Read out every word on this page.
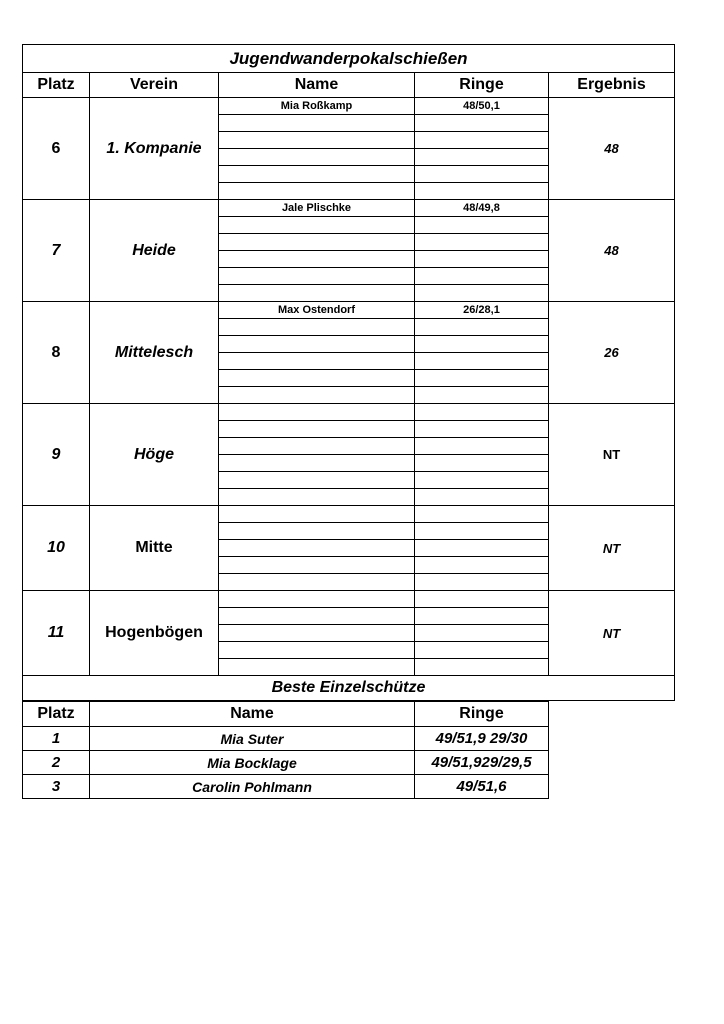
Jugendwanderpokalschießen				
Platz	Verein	Name	Ringe	Ergebnis
6	1. Kompanie	Mia Roßkamp	48/50,1	48

7	Heide	Jale Plischke	48/49,8	48

8	Mittelesch	Max Ostendorf	26/28,1	26

9	Höge			NT

10	Mitte			NT

11	Hogenbögen			NT

Beste Einzelschütze				
Platz	Name	Ringe
1	Mia Suter	49/51,9 29/30
2	Mia Bocklage	49/51,929/29,5
3	Carolin Pohlmann	49/51,6
